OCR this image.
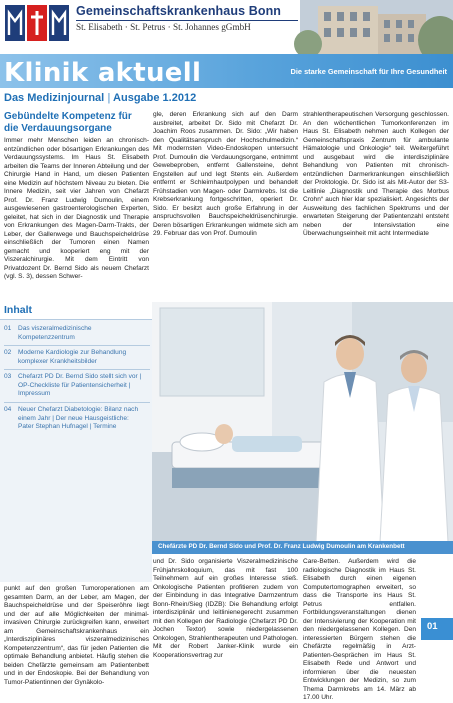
Gemeinschaftskrankenhaus Bonn
St. Elisabeth · St. Petrus · St. Johannes gGmbH
Klinik aktuell	Die starke Gemeinschaft für Ihre Gesundheit
Das Medizinjournal | Ausgabe 1.2012
Gebündelte Kompetenz für die Verdauungsorgane
Immer mehr Menschen leiden an chronisch-entzündlichen oder bösartigen Erkrankungen des Verdauungssystems. Im Haus St. Elisabeth arbeiten die Teams der Inneren Abteilung und der Chirurgie Hand in Hand, um diesen Patienten eine Medizin auf höchstem Niveau zu bieten. Die Innere Medizin, seit vier Jahren von Chefarzt Prof. Dr. Franz Ludwig Dumoulin, einem ausgewiesenen gastroenterologischen Experten, geleitet, hat sich in der Diagnostik und Therapie von Erkrankungen des Magen-Darm-Trakts, der Leber, der Gallenwege und Bauchspeicheldrüse einschließlich der Tumoren einen Namen gemacht und kooperiert eng mit der Viszeralchirurgie. Mit dem Eintritt von Privatdozent Dr. Bernd Sido als neuem Chefarzt (vgl. S. 3), dessen Schwer-
gle, deren Erkrankung sich auf den Darm ausbreitet, arbeitet Dr. Sido mit Chefarzt Dr. Joachim Roos zusammen. Dr. Sido: „Wir haben den Qualitätsanspruch der Hochschulmedizin.“ Mit modernsten Video-Endoskopen untersucht Prof. Dumoulin die Verdauungsorgane, entnimmt Gewebeproben, entfernt Gallensteine, dehnt Engstellen auf und legt Stents ein. Außerdem entfernt er Schleimhautpolypen und behandelt Frühstadien von Magen- oder Darmkrebs. Ist die Krebserkrankung fortgeschritten, operiert Dr. Sido. Er besitzt auch große Erfahrung in der anspruchsvollen Bauchspeicheldrüsenchirurgie. Deren bösartigen Erkrankungen widmete sich am 29. Februar das von Prof. Dumoulin
strahlentherapeutischen Versorgung geschlossen. An den wöchentlichen Tumorkonferenzen im Haus St. Elisabeth nehmen auch Kollegen der Gemeinschaftspraxis Zentrum für ambulante Hämatologie und Onkologie“ teil. Weitergeführt und ausgebaut wird die interdisziplinäre Behandlung von Patienten mit chronisch-entzündlichen Darmerkrankungen einschließlich der Proktologie. Dr. Sido ist als Mit-Autor der S3-Leitlinie „Diagnostik und Therapie des Morbus Crohn“ auch hier klar spezialisiert. Angesichts der Ausweitung des fachlichen Spektrums und der erwarteten Steigerung der Patientenzahl entsteht neben der Intensivstation eine Überwachungseinheit mit acht Intermediate
Inhalt
01 Das viszeralmedizinische Kompetenzzentrum
02 Moderne Kardiologie zur Behandlung komplexer Krankheitsbilder
03 Chefarzt PD Dr. Bernd Sido stellt sich vor | OP-Checkliste für Patientensicherheit | Impressum
04 Neuer Chefarzt Diabetologie: Bilanz nach einem Jahr | Der neue Hausgeistliche: Pater Stephan Hufnagel | Termine
Chefärzte PD Dr. Bernd Sido und Prof. Dr. Franz Ludwig Dumoulin am Krankenbett
punkt auf den großen Tumoroperationen am gesamten Darm, an der Leber, am Magen, der Bauchspeicheldrüse und der Speiseröhre liegt und der auf alle Möglichkeiten der minimal-invasiven Chirurgie zurückgreifen kann, erweitert am Gemeinschaftskrankenhaus ein „Interdisziplinäres viszeralmedizinisches Kompetenzzentrum“, das für jeden Patienten die optimale Behandlung anbietet. Häufig stehen die beiden Chefärzte gemeinsam am Patientenbett und in der Endoskopie. Bei der Behandlung von Tumor-Patientinnen der Gynäkolo-
und Dr. Sido organisierte Viszeralmedizinische Frühjahrskolloquium, das mit fast 100 Teilnehmern auf ein großes Interesse stieß. Onkologische Patienten profitieren zudem von der Einbindung in das Integrative Darmzentrum Bonn-Rhein/Sieg (IDZB): Die Behandlung erfolgt interdisziplinär und leitlinienegerecht zusammen mit den Kollegen der Radiologie (Chefarzt PD Dr. Jochen Textor) sowie niedergelassenen Onkologen, Strahlentherapeuten und Pathologen. Mit der Robert Janker-Klinik wurde ein Kooperationsvertrag zur
Care-Betten. Außerdem wird die radiologische Diagnostik im Haus St. Elisabeth durch einen eigenen Computertomographen erweitert, so dass die Transporte ins Haus St. Petrus entfallen. Fortbildungsveranstaltungen dienen der Intensivierung der Kooperation mit den niedergelassenen Kollegen. Den interessierten Bürgern stehen die Chefärzte regelmäßig in Arzt-Patienten-Gesprächen im Haus St. Elisabeth Rede und Antwort und informieren über die neuesten Entwicklungen der Medizin, so zum Thema Darmkrebs am 14. März ab 17.00 Uhr.
01
